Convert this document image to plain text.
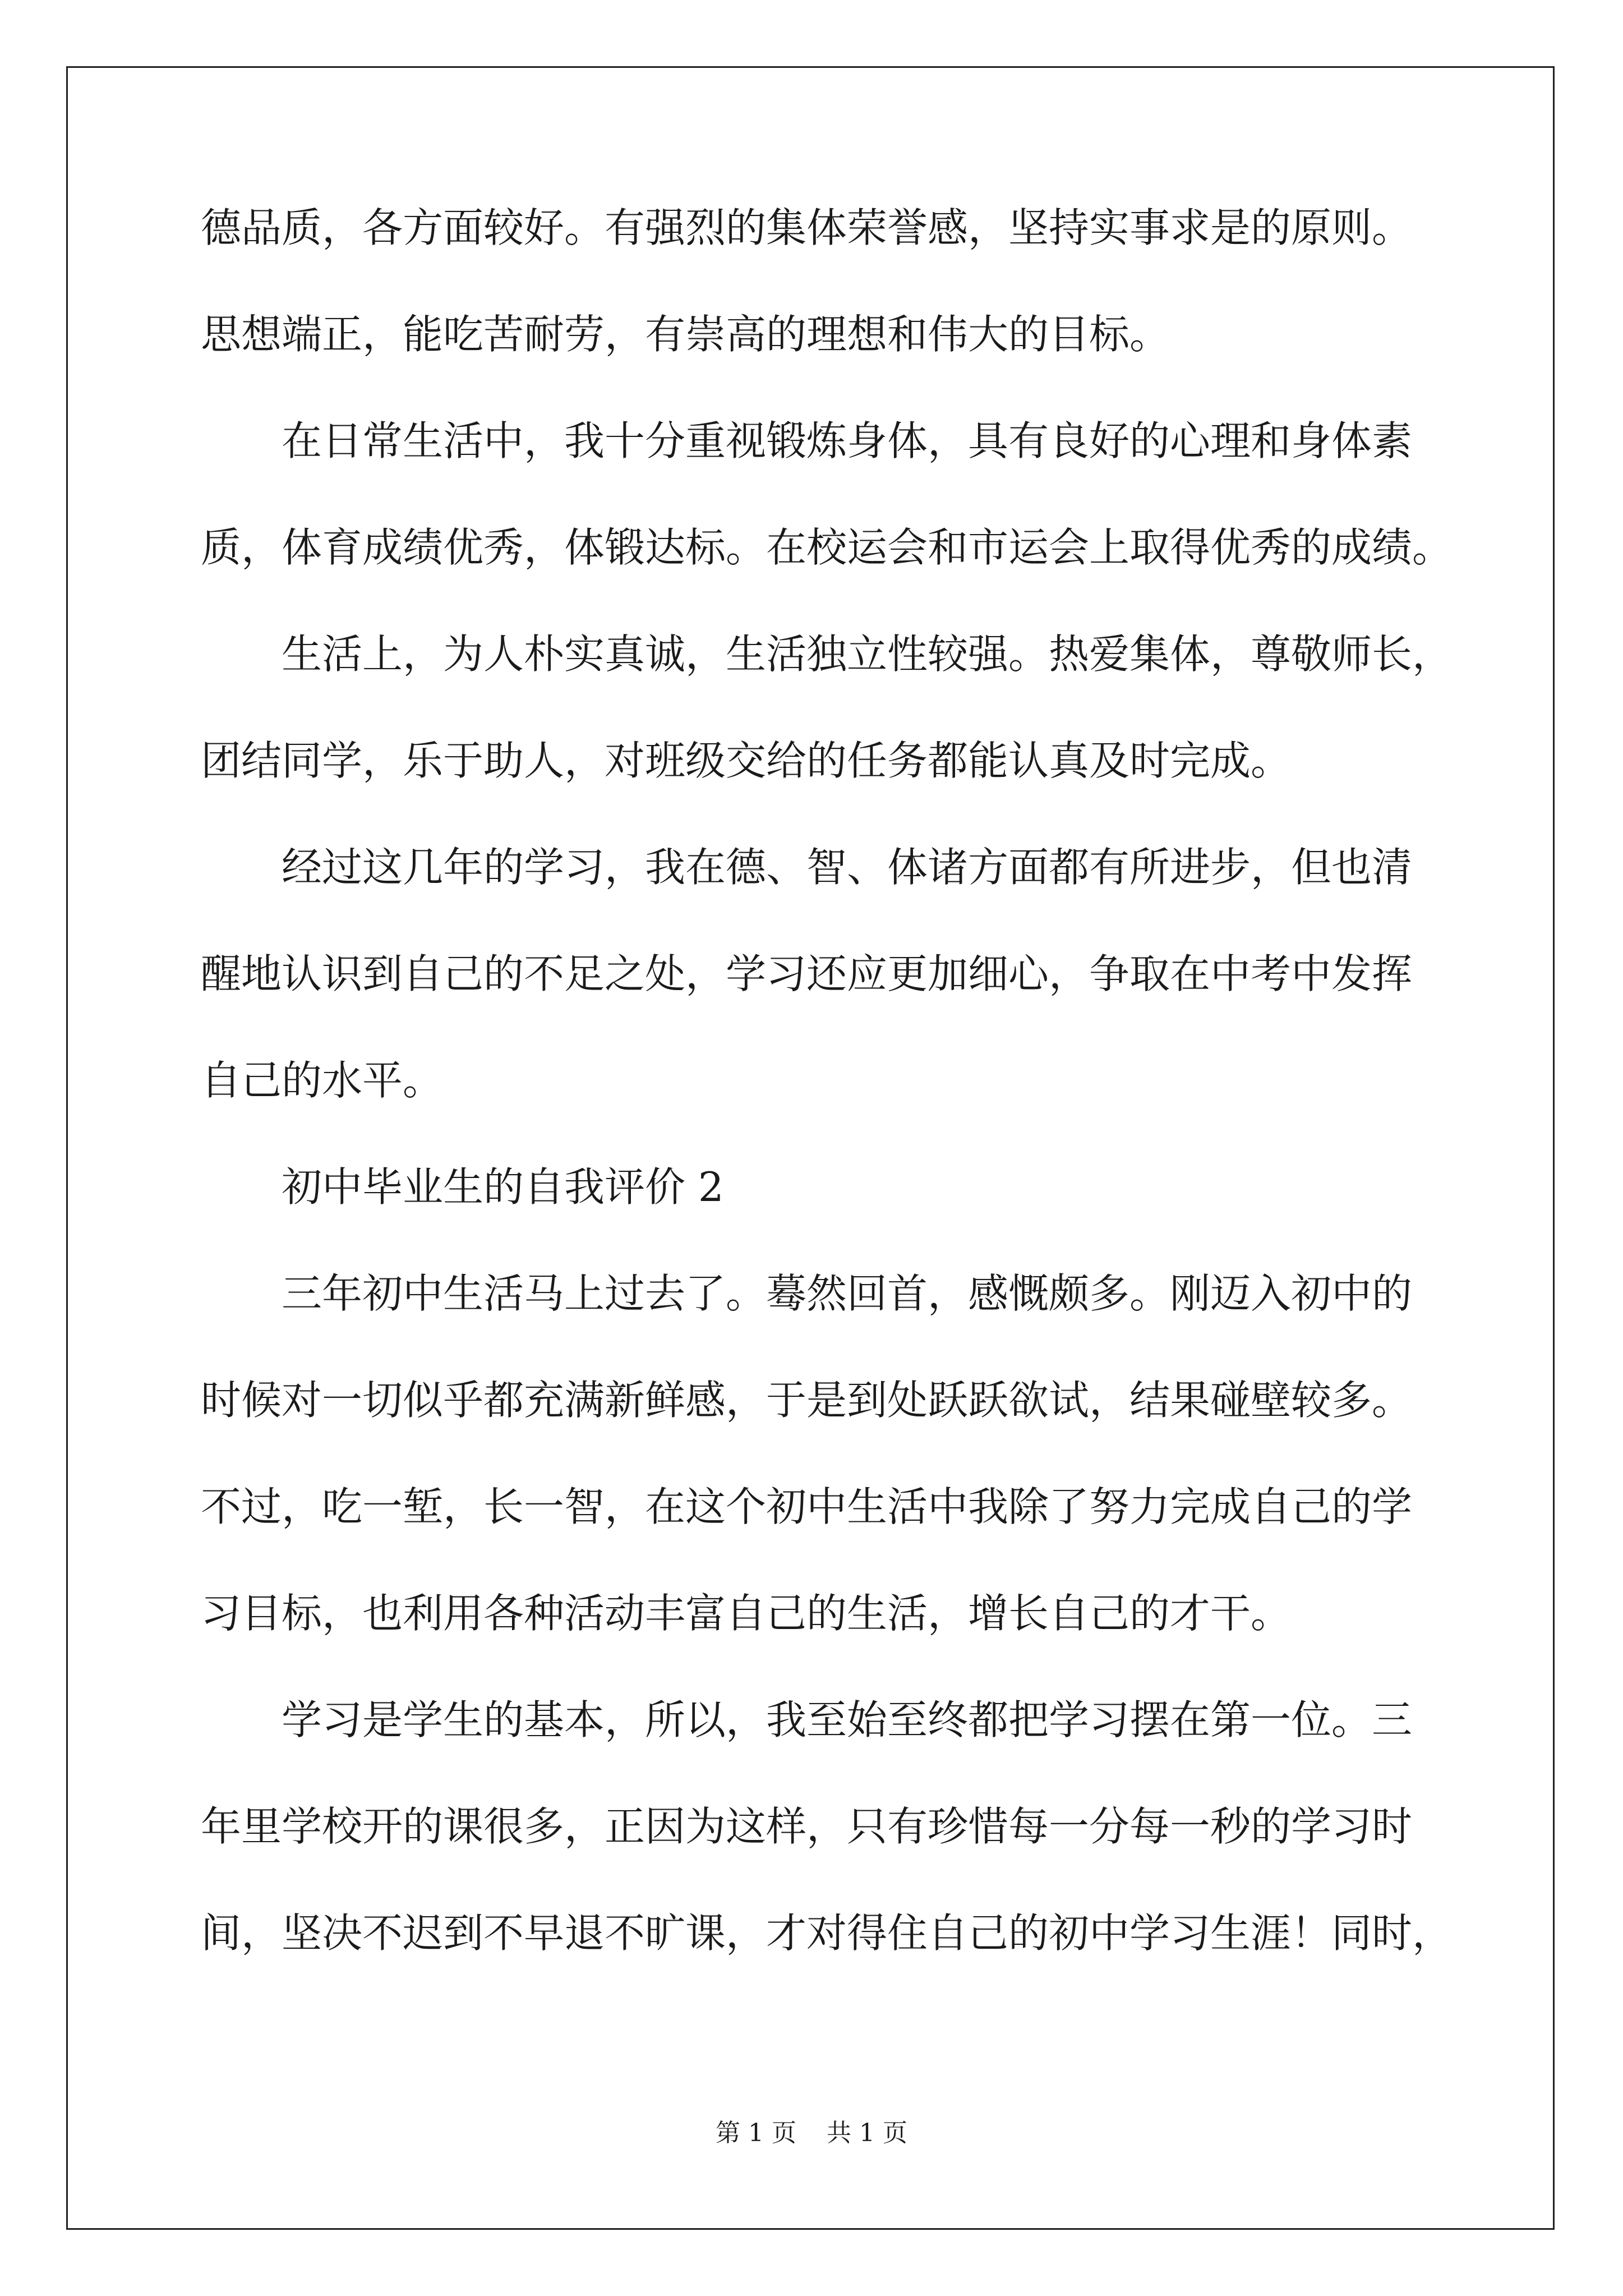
德品质，各方面较好。有强烈的集体荣誉感，坚持实事求是的原则。
思想端正，能吃苦耐劳，有崇高的理想和伟大的目标。
在日常生活中，我十分重视锻炼身体，具有良好的心理和身体素
质，体育成绩优秀，体锻达标。在校运会和市运会上取得优秀的成绩。
生活上，为人朴实真诚，生活独立性较强。热爱集体，尊敬师长，
团结同学，乐于助人，对班级交给的任务都能认真及时完成。
经过这几年的学习，我在德、智、体诸方面都有所进步，但也清
醒地认识到自己的不足之处，学习还应更加细心，争取在中考中发挥
自己的水平。
初中毕业生的自我评价 2
三年初中生活马上过去了。蓦然回首，感慨颇多。刚迈入初中的
时候对一切似乎都充满新鲜感，于是到处跃跃欲试，结果碰壁较多。
不过，吃一堑，长一智，在这个初中生活中我除了努力完成自己的学
习目标，也利用各种活动丰富自己的生活，增长自己的才干。
学习是学生的基本，所以，我至始至终都把学习摆在第一位。三
年里学校开的课很多，正因为这样，只有珍惜每一分每一秒的学习时
间，坚决不迟到不早退不旷课，才对得住自己的初中学习生涯！同时，
第 1 页 共 1 页
